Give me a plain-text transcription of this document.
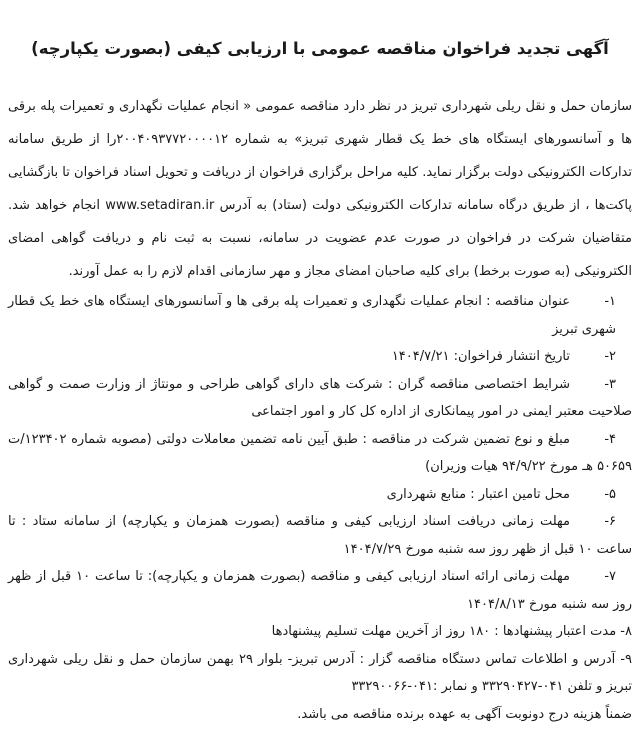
آگهی تجدید فراخوان مناقصه عمومی با ارزیابی کیفی (بصورت یکپارچه)

سازمان حمل و نقل ریلی شهرداری تبریز در نظر دارد مناقصه عمومی « انجام عملیات نگهداری و تعمیرات پله برقی ها و آسانسورهای ایستگاه های خط یک قطار شهری تبریز» به شماره ۲۰۰۴۰۹۳۷۷۲۰۰۰۰۱۲را از طریق سامانه تدارکات الکترونیکی دولت برگزار نماید. کلیه مراحل برگزاری فراخوان از دریافت و تحویل اسناد فراخوان تا بازگشایی پاکت‌ها ، از طریق درگاه سامانه تدارکات الکترونیکی دولت (ستاد) به آدرس www.setadiran.ir انجام خواهد شد. متقاضیان شرکت در فراخوان در صورت عدم عضویت در سامانه، نسبت به ثبت نام و دریافت گواهی امضای الکترونیکی (به صورت برخط) برای کلیه صاحبان امضای مجاز و مهر سازمانی اقدام لازم را به عمل آورند.

۱-عنوان مناقصه : انجام عملیات نگهداری و تعمیرات پله برقی ها و آسانسورهای ایستگاه های خط یک قطار شهری تبریز

۲-تاریخ انتشار فراخوان: ۱۴۰۴/۷/۲۱

۳-شرایط اختصاصی مناقصه گران : شرکت های دارای گواهی طراحی و مونتاژ از وزارت صمت و گواهی صلاحیت معتبر ایمنی در امور پیمانکاری از اداره کل کار و امور اجتماعی

۴-مبلغ و نوع تضمین شرکت در مناقصه : طبق آیین نامه تضمین معاملات دولتی (مصوبه شماره ۱۲۳۴۰۲/ت ۵۰۶۵۹ هـ مورخ ۹۴/۹/۲۲ هیات وزیران)

۵-محل تامین اعتبار : منابع شهرداری

۶-مهلت زمانی دریافت اسناد ارزیابی کیفی و مناقصه (بصورت همزمان و یکپارچه) از سامانه ستاد : تا ساعت ۱۰ قبل از ظهر روز سه شنبه مورخ ۱۴۰۴/۷/۲۹

۷-مهلت زمانی ارائه اسناد ارزیابی کیفی و مناقصه (بصورت همزمان و یکپارچه): تا ساعت ۱۰ قبل از ظهر روز سه شنبه مورخ ۱۴۰۴/۸/۱۳

۸- مدت اعتبار پیشنهادها : ۱۸۰ روز از آخرین مهلت تسلیم پیشنهادها

۹- آدرس و اطلاعات تماس دستگاه مناقصه گزار : آدرس تبریز- بلوار ۲۹ بهمن سازمان حمل و نقل ریلی شهرداری تبریز و تلفن ۰۴۱-۳۳۲۹۰۴۲۷ و نمابر :۰۴۱-۳۳۲۹۰۰۶۶

ضمناً هزینه درج دونوبت آگهی به عهده برنده مناقصه می باشد.
